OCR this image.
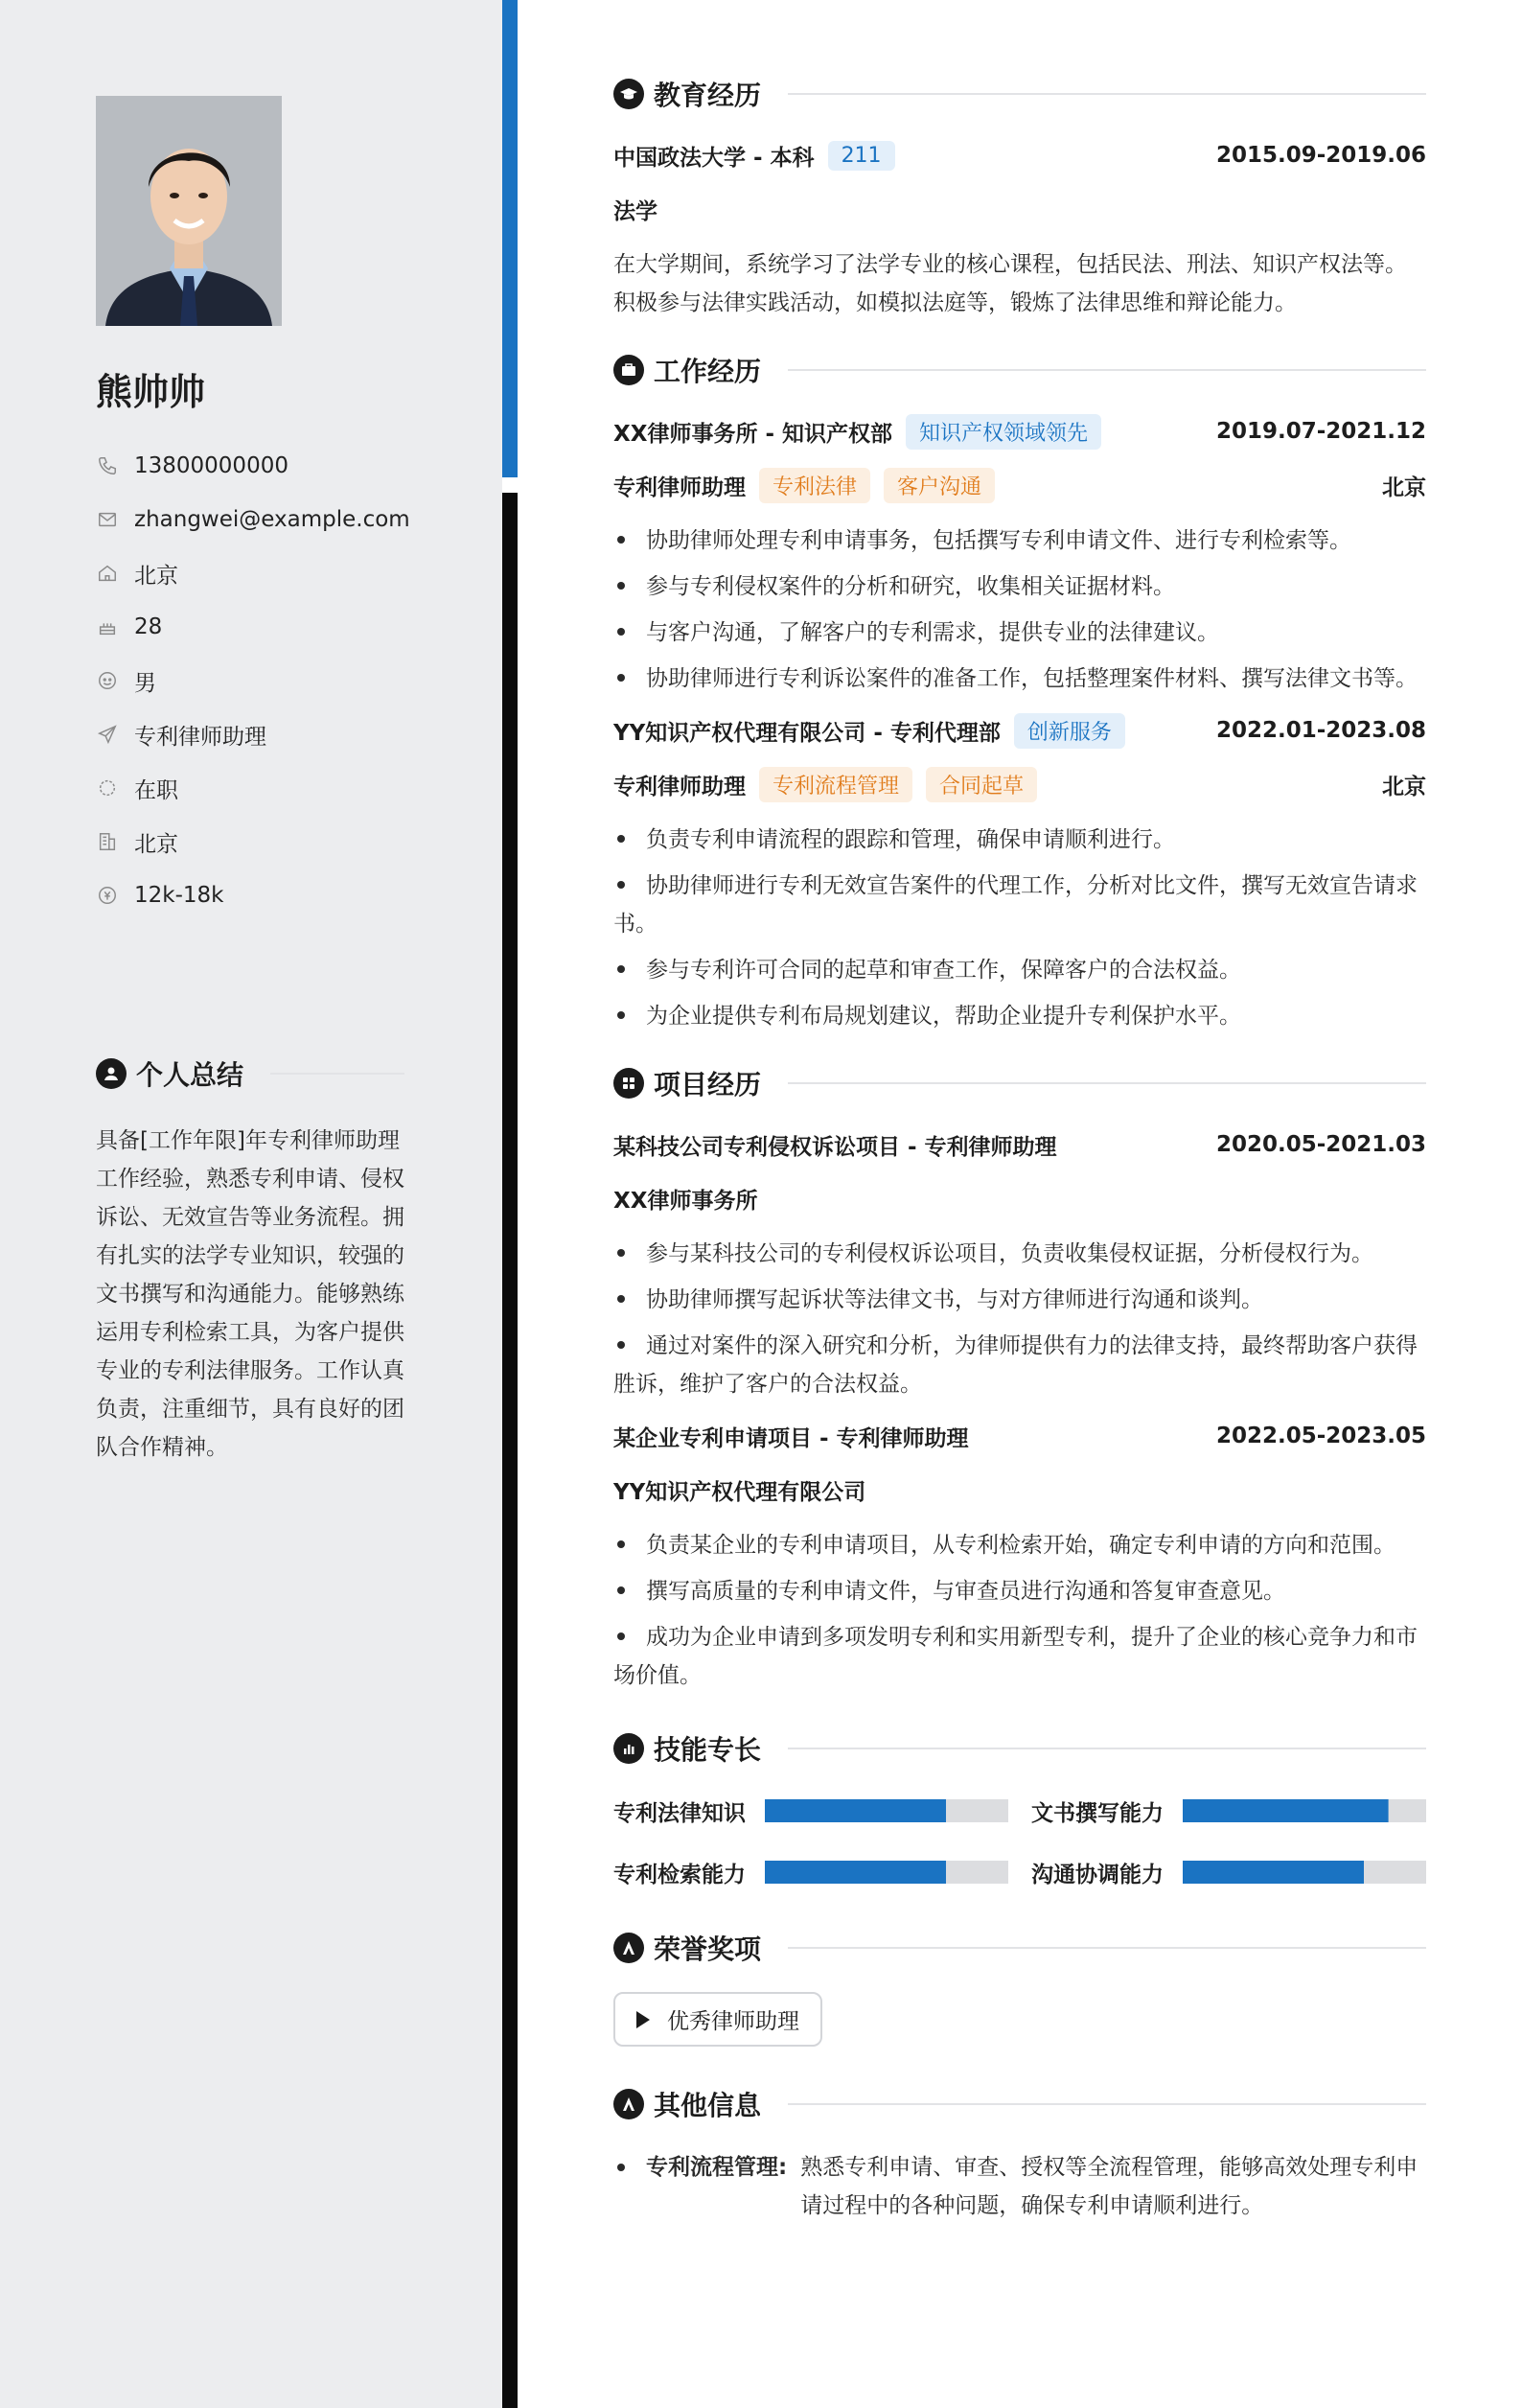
熊帅帅
13800000000
zhangwei@example.com
北京
28
男
专利律师助理
在职
北京
12k-18k
个人总结
具备[工作年限]年专利律师助理工作经验，熟悉专利申请、侵权诉讼、无效宣告等业务流程。拥有扎实的法学专业知识，较强的文书撰写和沟通能力。能够熟练运用专利检索工具，为客户提供专业的专利法律服务。工作认真负责，注重细节，具有良好的团队合作精神。
教育经历
中国政法大学 - 本科	211	2015.09-2019.06
法学
在大学期间，系统学习了法学专业的核心课程，包括民法、刑法、知识产权法等。积极参与法律实践活动，如模拟法庭等，锻炼了法律思维和辩论能力。
工作经历
XX律师事务所 - 知识产权部	知识产权领域领先	2019.07-2021.12
专利律师助理	专利法律	客户沟通	北京
协助律师处理专利申请事务，包括撰写专利申请文件、进行专利检索等。
参与专利侵权案件的分析和研究，收集相关证据材料。
与客户沟通，了解客户的专利需求，提供专业的法律建议。
协助律师进行专利诉讼案件的准备工作，包括整理案件材料、撰写法律文书等。
YY知识产权代理有限公司 - 专利代理部	创新服务	2022.01-2023.08
专利律师助理	专利流程管理	合同起草	北京
负责专利申请流程的跟踪和管理，确保申请顺利进行。
协助律师进行专利无效宣告案件的代理工作，分析对比文件，撰写无效宣告请求书。
参与专利许可合同的起草和审查工作，保障客户的合法权益。
为企业提供专利布局规划建议，帮助企业提升专利保护水平。
项目经历
某科技公司专利侵权诉讼项目 - 专利律师助理	2020.05-2021.03
XX律师事务所
参与某科技公司的专利侵权诉讼项目，负责收集侵权证据，分析侵权行为。
协助律师撰写起诉状等法律文书，与对方律师进行沟通和谈判。
通过对案件的深入研究和分析，为律师提供有力的法律支持，最终帮助客户获得胜诉，维护了客户的合法权益。
某企业专利申请项目 - 专利律师助理	2022.05-2023.05
YY知识产权代理有限公司
负责某企业的专利申请项目，从专利检索开始，确定专利申请的方向和范围。
撰写高质量的专利申请文件，与审查员进行沟通和答复审查意见。
成功为企业申请到多项发明专利和实用新型专利，提升了企业的核心竞争力和市场价值。
技能专长
专利法律知识	文书撰写能力
专利检索能力	沟通协调能力
荣誉奖项
优秀律师助理
其他信息
专利流程管理: 熟悉专利申请、审查、授权等全流程管理，能够高效处理专利申请过程中的各种问题，确保专利申请顺利进行。
